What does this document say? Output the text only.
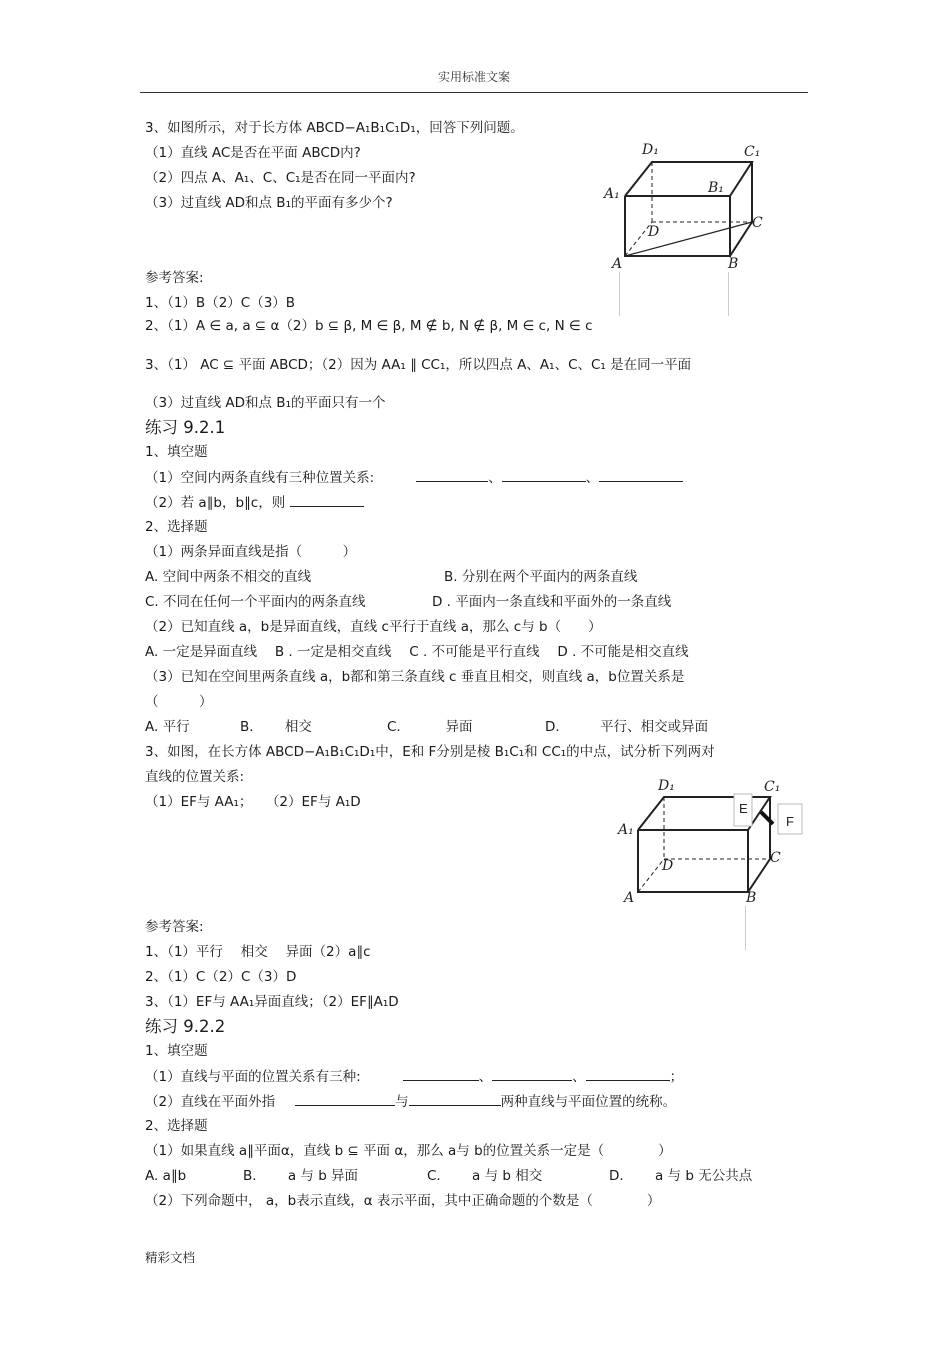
实用标准文案
3、如图所示，对于长方体 ABCD−A₁B₁C₁D₁，回答下列问题。
（1）直线 AC是否在平面 ABCD内?
（2）四点 A、A₁、C、C₁是否在同一平面内?
（3）过直线 AD和点 B₁的平面有多少个?
D₁	C₁
A₁	B₁
D
C
A	B
参考答案:
1、（1）B（2）C（3）B
2、（1）A ∈ a, a ⊆ α（2）b ⊆ β, M ∈ β, M ∉ b, N ∉ β, M ∈ c, N ∈ c
3、（1） AC ⊆ 平面 ABCD；（2）因为 AA₁ ∥ CC₁，所以四点 A、A₁、C、C₁ 是在同一平面
（3）过直线 AD和点 B₁的平面只有一个
练习 9.2.1
1、填空题
（1）空间内两条直线有三种位置关系:	、	、
（2）若 a∥b，b∥c，则
2、选择题
（1）两条异面直线是指（　　　）
A. 空间中两条不相交的直线	B. 分别在两个平面内的两条直线
C. 不同在任何一个平面内的两条直线	D . 平面内一条直线和平面外的一条直线
（2）已知直线 a，b是异面直线，直线 c平行于直线 a，那么 c与 b（　　）
A. 一定是异面直线　 B . 一定是相交直线　 C . 不可能是平行直线　 D . 不可能是相交直线
（3）已知在空间里两条直线 a，b都和第三条直线 c 垂直且相交，则直线 a，b位置关系是
（　　　）
A. 平行	B.　　 相交	C.　　　 异面	D.　　　平行、相交或异面
3、如图，在长方体 ABCD−A₁B₁C₁D₁中，E和 F分别是棱 B₁C₁和 CC₁的中点，试分析下列两对
直线的位置关系:
（1）EF与 AA₁；　　（2）EF与 A₁D
D₁	C₁
A₁
E
F
D	C
A	B
参考答案:
1、（1）平行　 相交　 异面（2）a∥c
2、（1）C（2）C（3）D
3、（1）EF与 AA₁异面直线；（2）EF∥A₁D
练习 9.2.2
1、填空题
（1）直线与平面的位置关系有三种:	、	、	；
（2）直线在平面外指	与	两种直线与平面位置的统称。
2、选择题
（1）如果直线 a∥平面α，直线 b ⊆ 平面 α，那么 a与 b的位置关系一定是（　　　　）
A. a∥b	B.　　 a 与 b 异面	C.　　 a 与 b 相交	D.　　 a 与 b 无公共点
（2）下列命题中， a，b表示直线，α 表示平面，其中正确命题的个数是（　　　　）
精彩文档
